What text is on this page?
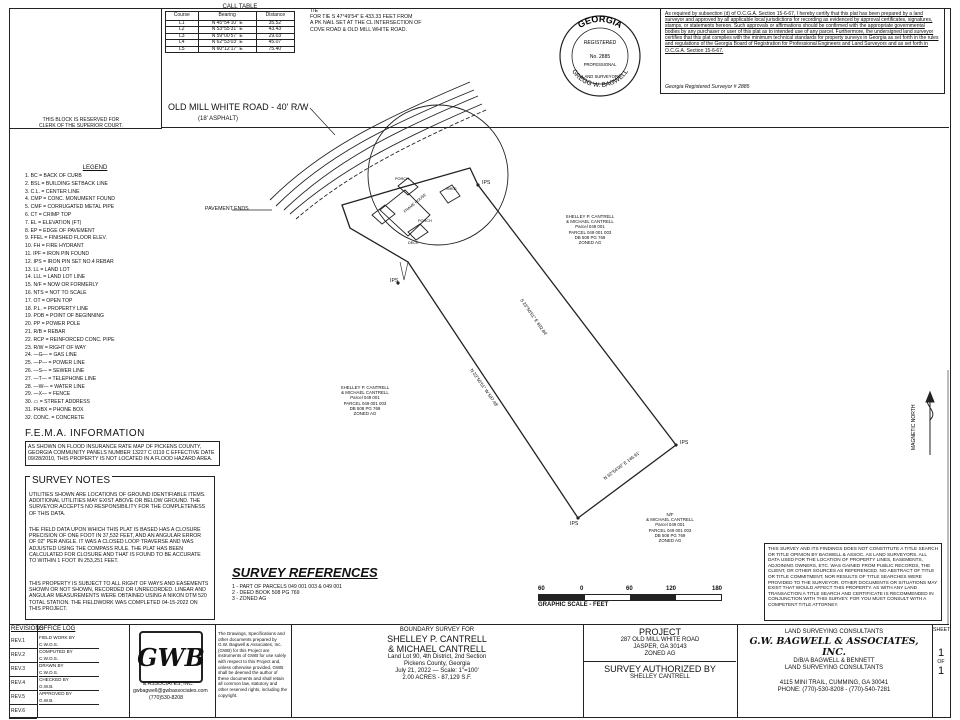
CALL TABLE
Course	Bearing	Distance
L1	N 45°54'10" E	35.52'
L2	N 53°55'31" E	43.43'
L3	N 59°00'57" E	29.03'
L4	N 62°53'03" E	45.07'
L5	N 60°12'17" E	75.40'
TIE
FOR TIE S 47°49'54" E 433.33 FEET FROM
A PK NAIL SET AT THE CL INTERSECTION OF
COVE ROAD & OLD MILL WHITE ROAD.	GEORGIA
GREGG W. BAGWELL
REGISTERED
No. 2885
PROFESSIONAL
LAND SURVEYOR
As required by subsection (d) of O.C.G.A. Section 15-6-67, I hereby certify that this plat has been prepared by a land surveyor and approved by all applicable local jurisdictions for recording as evidenced by approval certificates, signatures, stamps, or statements hereon. Such approvals or affirmations should be confirmed with the appropriate governmental bodies by any purchaser or user of this plat as to intended use of any parcel. Furthermore, the undersigned land surveyor certifies that this plat complies with the minimum technical standards for property surveys in Georgia as set forth in the rules and regulations of the Georgia Board of Registration for Professional Engineers and Land Surveyors and as set forth in O.C.G.A. Section 15-6-67.
Georgia Registered Surveyor # 2885
THIS BLOCK IS RESERVED FOR
CLERK OF THE SUPERIOR COURT.
LEGEND
1. BC = BACK OF CURB
2. BSL = BUILDING SETBACK LINE
3. C.L. = CENTER LINE
4. CMP = CONC. MONUMENT FOUND
5. CMF = CORRUGATED METAL PIPE
6. CT = CRIMP TOP
7. EL = ELEVATION (FT)
8. EP = EDGE OF PAVEMENT
9. FFEL = FINISHED FLOOR ELEV.
10. FH = FIRE HYDRANT
11. IPF = IRON PIN FOUND
12. IPS = IRON PIN SET NO.4 REBAR
13. LL = LAND LOT
14. LLL = LAND LOT LINE
15. N/F = NOW OR FORMERLY
16. NTS = NOT TO SCALE
17. OT = OPEN TOP
18. P.L. = PROPERTY LINE
19. POB = POINT OF BEGINNING
20. PP = POWER POLE
21. R/B = REBAR
22. RCP = REINFORCED CONC. PIPE
23. R/W = RIGHT OF WAY
24. —G— = GAS LINE
25. —P— = POWER LINE
26. —S— = SEWER LINE
27. —T— = TELEPHONE LINE
28. —W— = WATER LINE
29. —X— = FENCE
30. ▭ = STREET ADDRESS
31. PHBX = PHONE BOX
32. CONC. = CONCRETE
F.E.M.A. INFORMATION
AS SHOWN ON FLOOD INSURANCE RATE MAP OF PICKENS COUNTY, GEORGIA COMMUNITY PANELS NUMBER 13227 C 0119 C EFFECTIVE DATE 09/28/2010, THIS PROPERTY IS NOT LOCATED IN A FLOOD HAZARD AREA.
SURVEY NOTES
UTILITIES SHOWN ARE LOCATIONS OF GROUND IDENTIFIABLE ITEMS. ADDITIONAL UTILITIES MAY EXIST ABOVE OR BELOW GROUND. THE SURVEYOR ACCEPTS NO RESPONSIBILITY FOR THE COMPLETENESS OF THIS DATA.
THE FIELD DATA UPON WHICH THIS PLAT IS BASED HAS A CLOSURE PRECISION OF ONE FOOT IN 37,532 FEET, AND AN ANGULAR ERROR OF 02" PER ANGLE. IT WAS A CLOSED LOOP TRAVERSE AND WAS ADJUSTED USING THE COMPASS RULE. THE PLAT HAS BEEN CALCULATED FOR CLOSURE AND THAT IS FOUND TO BE ACCURATE TO WITHIN 1 FOOT IN 253,251 FEET.
THIS PROPERTY IS SUBJECT TO ALL RIGHT OF WAYS AND EASEMENTS SHOWN OR NOT SHOWN, RECORDED OR UNRECORDED. LINEAR AND ANGULAR MEASUREMENTS WERE OBTAINED USING A NIKON DTM 520 TOTAL STATION. THE FIELDWORK WAS COMPLETED 04-15-2022 ON THIS PROJECT.
SURVEY REFERENCES
1 - PART OF PARCELS 049 001 003 & 049 001
2 - DEED BOOK 508 PG 769
3 - ZONED AG
N 23°50'51" W 597.48'
S 23°50'51" E 602.84'
N 62°54'06" E 146.91'
FRAME HOUSE
PORCH
PORCH
DECK
SHED
MAGNETIC NORTH
OLD MILL WHITE ROAD - 40' R/W
(18' ASPHALT)
PAVEMENT ENDS
SHELLEY P. CANTRELL
& MICHAEL CANTRELL
Parcel 049 001
PARCEL 049 001 003
DB 508 PG 769
ZONED AG
SHELLEY P. CANTRELL
& MICHAEL CANTRELL
Parcel 049 001
PARCEL 049 001 003
DB 508 PG 769
ZONED AG
N/F
& MICHAEL CANTRELL
Parcel 049 001
PARCEL 049 001 003
DB 508 PG 769
ZONED AG
IPS
IPS
IPS
IPS
60	0	60	120	180
GRAPHIC SCALE - FEET
THIS SURVEY AND ITS FINDINGS DOES NOT CONSTITUTE A TITLE SEARCH OR TITLE OPINION BY BAGWELL & ASSOC. AS LAND SURVEYORS. ALL DATA USED FOR THE LOCATION OF PROPERTY LINES, EASEMENTS, ADJOINING OWNERS, ETC. WAS GAINED FROM PUBLIC RECORDS, THE CLIENT, OR OTHER SOURCES AS REFERENCED. NO ABSTRACT OF TITLE OR TITLE COMMITMENT, NOR RESULTS OF TITLE SEARCHES WERE PROVIDED TO THE SURVEYOR. OTHER DOCUMENTS OR SITUATIONS MAY EXIST THAT WOULD AFFECT THIS PROPERTY. AS WITH ANY LAND TRANSACTION A TITLE SEARCH AND CERTIFICATE IS RECOMMENDED IN CONJUNCTION WITH THIS SURVEY. FOR YOU MUST CONSULT WITH A COMPETENT TITLE ATTORNEY.
REVISIONS
REV.1
REV.2
REV.3
REV.4
REV.5
REV.6
OFFICE LOG
FIELD WORK BY
C.W.O.S.
COMPUTED BY
C.W.O.S.
DRAWN BY
C.W.O.S.
CHECKED BY
G.W.B.
APPROVED BY
G.W.B.
GWB
& ASSOCIATES, INC.
gwbagwell@gwbassociates.com
(770)530-8208
The Drawings, Specifications and other documents prepared by G.W. Bagwell & Associates, Inc. (GWB) for this Project are instruments of GWB for use solely with respect to this Project and, unless otherwise provided, GWB shall be deemed the author of these documents and shall retain all common law, statutory and other reserved rights, including the copyright.
BOUNDARY SURVEY FOR
SHELLEY P. CANTRELL
& MICHAEL CANTRELL
Land Lot 90, 4th District, 2nd Section
Pickens County, Georgia
July 21, 2022 — Scale: 1"=100'
2.00 ACRES - 87,129 S.F.
PROJECT
287 OLD MILL WHITE ROAD
JASPER, GA 30143
ZONED AG
SURVEY AUTHORIZED BY
SHELLEY CANTRELL
LAND SURVEYING CONSULTANTS
G.W. BAGWELL & ASSOCIATES, INC.
D/B/A BAGWELL & BENNETT
LAND SURVEYING CONSULTANTS
4115 MINI TRAIL, CUMMING, GA 30041
PHONE: (770)-530-8208 - (770)-540-7281
SHEET
1
OF
1
